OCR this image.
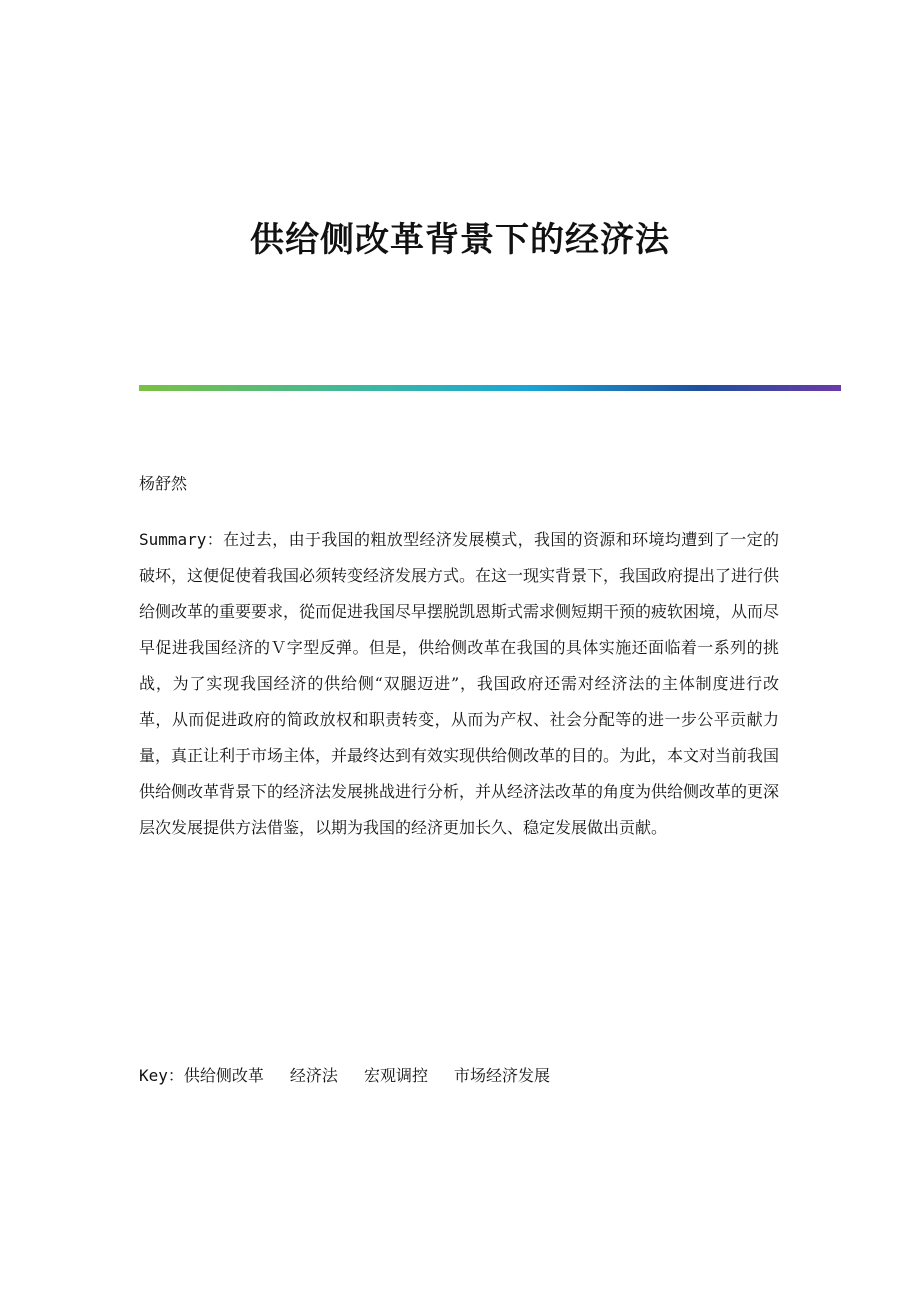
供给侧改革背景下的经济法
杨舒然

Summary：在过去，由于我国的粗放型经济发展模式，我国的资源和环境均遭到了一定的破坏，这便促使着我国必须转变经济发展方式。在这一现实背景下，我国政府提出了进行供给侧改革的重要要求，從而促进我国尽早摆脱凯恩斯式需求侧短期干预的疲软困境，从而尽早促进我国经济的Ｖ字型反弹。但是，供给侧改革在我国的具体实施还面临着一系列的挑战，为了实现我国经济的供给侧“双腿迈进”，我国政府还需对经济法的主体制度进行改革，从而促进政府的简政放权和职责转变，从而为产权、社会分配等的进一步公平贡献力量，真正让利于市场主体，并最终达到有效实现供给侧改革的目的。为此，本文对当前我国供给侧改革背景下的经济法发展挑战进行分析，并从经济法改革的角度为供给侧改革的更深层次发展提供方法借鉴，以期为我国的经济更加长久、稳定发展做出贡献。

Key：供给侧改革 经济法 宏观调控 市场经济发展
